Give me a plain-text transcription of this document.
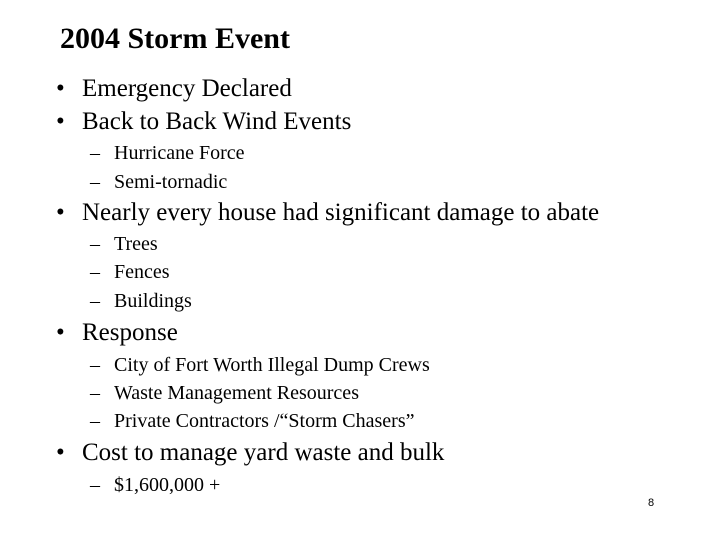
2004 Storm Event
• Emergency Declared
• Back to Back Wind Events
– Hurricane Force
– Semi-tornadic
• Nearly every house had significant damage to abate
– Trees
– Fences
– Buildings
• Response
– City of Fort Worth Illegal Dump Crews
– Waste Management Resources
– Private Contractors /“Storm Chasers”
• Cost to manage yard waste and bulk
– $1,600,000 +
8
